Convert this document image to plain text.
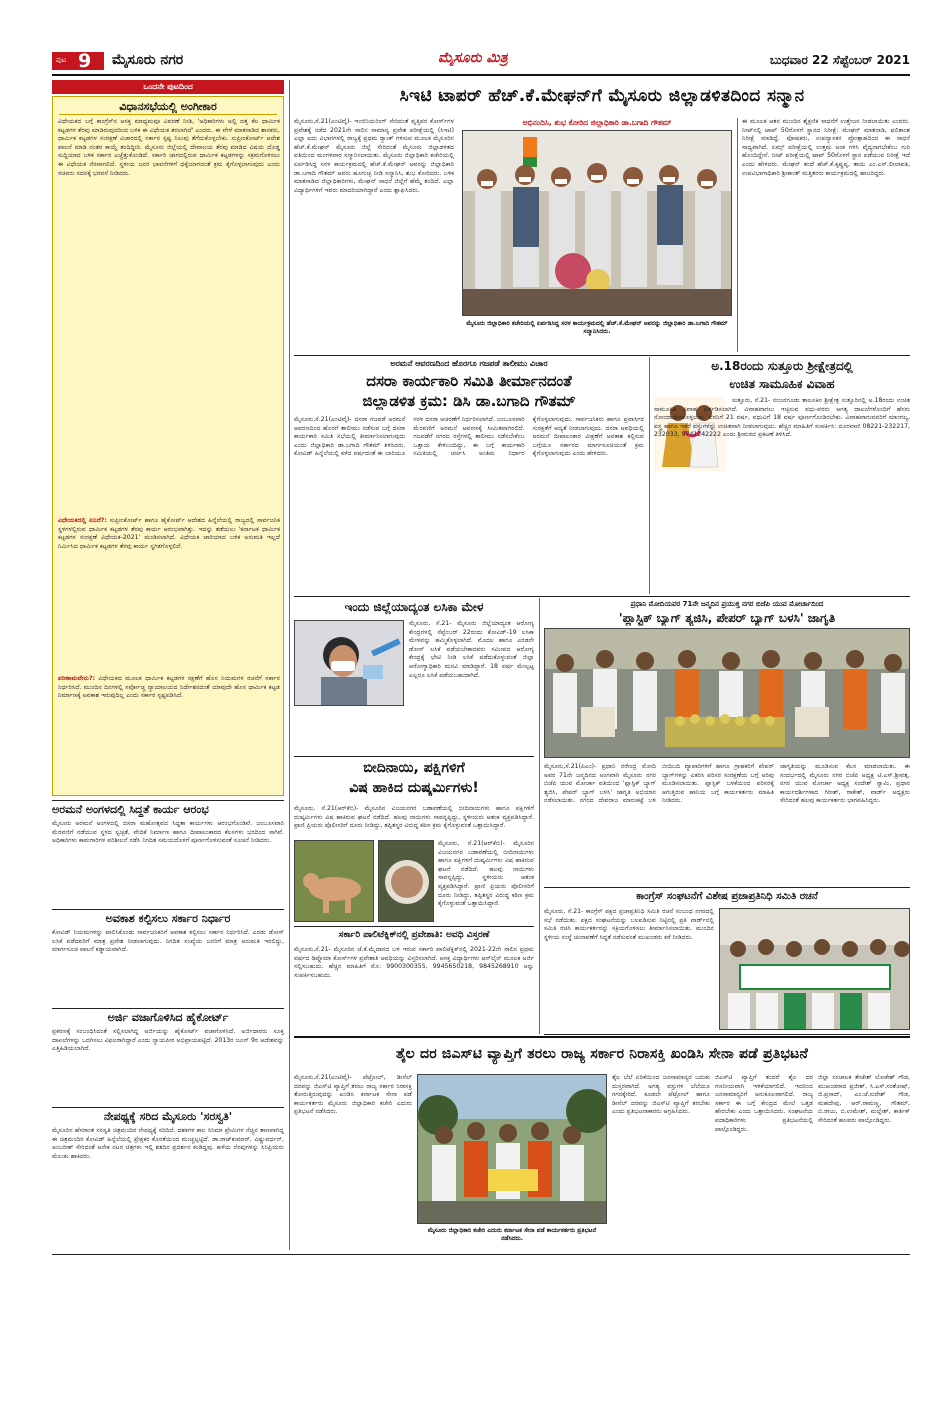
ಪುಟ 9 ಮೈಸೂರು ನಗರ	ಮೈಸೂರು ಮಿತ್ರ	ಬುಧವಾರ 22 ಸೆಪ್ಟೆಂಬರ್ 2021
ಒಂದನೇ ಪುಟದಿಂದ
ವಿಧಾನಸಭೆಯಲ್ಲಿ ಅಂಗೀಕಾರ
ವಿಧೇಯಕದ ಬಗ್ಗೆ ಕಾಂಗ್ರೆಸ್‌ನ ಆಸಕ್ತ ಮಾಧ್ಯಮವೂ ವಿವರಣೆ ನೀಡಿ, 'ಅಧಿಕಾರಿಗಳು ಅಲ್ಲಿ ದತ್ತ ಕೆಲ ಧಾರ್ಮಿಕ ಕಟ್ಟಡಗಳ ತೆರವು ಮಾಡಿರುವುದರಿಂದ ಬಳಿಕ ಈ ವಿಧೇಯಕ ತರಲಾಗಿದೆ' ಎಂದರು. ಈ ವೇಳೆ ಮಾತನಾಡಿದ ಶಾಸಕರು, ಧಾರ್ಮಿಕ ಕಟ್ಟಡಗಳ ಸಂರಕ್ಷಣೆ ವಿಚಾರದಲ್ಲಿ ಸರ್ಕಾರ ಸ್ಪಷ್ಟ ನಿಲುವು ತೆಗೆದುಕೊಳ್ಳಬೇಕು. ಸುಪ್ರೀಂಕೋರ್ಟ್ ಆದೇಶ ಪಾಲನೆ ಮಾಡಿ ನಂತರ ಕಾಯ್ದೆ ತಂದಿದ್ದೀರಿ. ಮೈಸೂರು ಜಿಲ್ಲೆಯಲ್ಲಿ ದೇವಾಲಯ ತೆರವು ಮಾಡಿದ ವಿಷಯ ದೊಡ್ಡ ಸುದ್ದಿಯಾದ ಬಳಿಕ ಸರ್ಕಾರ ಎಚ್ಚೆತ್ತುಕೊಂಡಿದೆ. ಸರ್ಕಾರಿ ಜಾಗದಲ್ಲಿರುವ ಧಾರ್ಮಿಕ ಕಟ್ಟಡಗಳನ್ನು ಸಕ್ರಮಗೊಳಿಸಲು ಈ ವಿಧೇಯಕ ನೆರವಾಗಲಿದೆ. ಸ್ಥಳೀಯ ಜನರ ಭಾವನೆಗಳಿಗೆ ಧಕ್ಕೆಯಾಗದಂತೆ ಕ್ರಮ ಕೈಗೊಳ್ಳಲಾಗುವುದು ಎಂದು ಸಚಿವರು ಸದನಕ್ಕೆ ಭರವಸೆ ನೀಡಿದರು.
ವಿಧೇಯಕದಲ್ಲಿ ಏನಿದೆ?: ಸುಪ್ರೀಂಕೋರ್ಟ್ ಹಾಗೂ ಹೈಕೋರ್ಟ್ ಆದೇಶದ ಹಿನ್ನೆಲೆಯಲ್ಲಿ ರಾಜ್ಯದಲ್ಲಿ ಸಾರ್ವಜನಿಕ ಸ್ಥಳಗಳಲ್ಲಿರುವ ಧಾರ್ಮಿಕ ಕಟ್ಟಡಗಳ ತೆರವು ಕಾರ್ಯ ಆರಂಭವಾಗಿತ್ತು. ಇದನ್ನು ತಡೆಯಲು 'ಕರ್ನಾಟಕ ಧಾರ್ಮಿಕ ಕಟ್ಟಡಗಳ ಸಂರಕ್ಷಣೆ ವಿಧೇಯಕ-2021' ಮಂಡಿಸಲಾಗಿದೆ. ವಿಧೇಯಕ ಜಾರಿಯಾದ ಬಳಿಕ ಅನುಮತಿ ಇಲ್ಲದೆ ನಿರ್ಮಿಸಿದ ಧಾರ್ಮಿಕ ಕಟ್ಟಡಗಳ ತೆರವು ಕಾರ್ಯ ಸ್ಥಗಿತಗೊಳ್ಳಲಿದೆ.
ಪರಿಣಾಮವೇನು?: ವಿಧೇಯಕದ ಮೂಲಕ ಧಾರ್ಮಿಕ ಕಟ್ಟಡಗಳ ರಕ್ಷಣೆಗೆ ಹೊಸ ನಿಯಮಗಳ ರಚನೆಗೆ ಸರ್ಕಾರ ನಿರ್ಧರಿಸಿದೆ. ಮುಂದಿನ ದಿನಗಳಲ್ಲಿ ಸರ್ವೋಚ್ಚ ನ್ಯಾಯಾಲಯದ ನಿರ್ದೇಶನದಂತೆ ಯಾವುದೇ ಹೊಸ ಧಾರ್ಮಿಕ ಕಟ್ಟಡ ನಿರ್ಮಾಣಕ್ಕೆ ಅವಕಾಶ ಇರುವುದಿಲ್ಲ ಎಂದು ಸರ್ಕಾರ ಸ್ಪಷ್ಟಪಡಿಸಿದೆ.
ಅರಮನೆ ಅಂಗಳದಲ್ಲಿ ಸಿದ್ಧತೆ ಕಾರ್ಯ ಆರಂಭ
ಮೈಸೂರು ಅರಮನೆ ಅಂಗಳದಲ್ಲಿ ದಸರಾ ಮಹೋತ್ಸವದ ಸಿದ್ಧತಾ ಕಾರ್ಯಗಳು ಆರಂಭಗೊಂಡಿವೆ. ಜಂಬೂಸವಾರಿ ಮೆರವಣಿಗೆ ನಡೆಯುವ ಸ್ಥಳದ ಸ್ವಚ್ಛತೆ, ವೇದಿಕೆ ನಿರ್ಮಾಣ ಹಾಗೂ ದೀಪಾಲಂಕಾರದ ಕೆಲಸಗಳು ಭರದಿಂದ ಸಾಗಿವೆ. ಅಧಿಕಾರಿಗಳು ಕಾಮಗಾರಿಗಳ ಪರಿಶೀಲನೆ ನಡೆಸಿ ನಿಗದಿತ ಸಮಯದೊಳಗೆ ಪೂರ್ಣಗೊಳಿಸುವಂತೆ ಸೂಚನೆ ನೀಡಿದರು.
ಅವಕಾಶ ಕಲ್ಪಿಸಲು ಸರ್ಕಾರ ನಿರ್ಧಾರ
ಕೋವಿಡ್ ನಿಯಮಗಳನ್ನು ಪಾಲಿಸಿಕೊಂಡು ಸಾರ್ವಜನಿಕರಿಗೆ ಅವಕಾಶ ಕಲ್ಪಿಸಲು ಸರ್ಕಾರ ನಿರ್ಧರಿಸಿದೆ. ಎರಡು ಡೋಸ್ ಲಸಿಕೆ ಪಡೆದವರಿಗೆ ಮಾತ್ರ ಪ್ರವೇಶ ನೀಡಲಾಗುವುದು. ನಿಗದಿತ ಸಂಖ್ಯೆಯ ಜನರಿಗೆ ಮಾತ್ರ ಅನುಮತಿ ಇರಲಿದ್ದು, ಮಾರ್ಗಸೂಚಿ ಪಾಲನೆ ಕಡ್ಡಾಯವಾಗಿದೆ.
ಅರ್ಜಿ ವಜಾಗೊಳಿಸಿದ ಹೈಕೋರ್ಟ್
ಪ್ರಕರಣಕ್ಕೆ ಸಂಬಂಧಿಸಿದಂತೆ ಸಲ್ಲಿಸಲಾಗಿದ್ದ ಅರ್ಜಿಯನ್ನು ಹೈಕೋರ್ಟ್ ವಜಾಗೊಳಿಸಿದೆ. ಅರ್ಜಿದಾರರು ಸೂಕ್ತ ದಾಖಲೆಗಳನ್ನು ಒದಗಿಸಲು ವಿಫಲರಾಗಿದ್ದಾರೆ ಎಂದು ನ್ಯಾಯಪೀಠ ಅಭಿಪ್ರಾಯಪಟ್ಟಿದೆ. 2013ರ ಜೂನ್ 9ರ ಆದೇಶವನ್ನು ಎತ್ತಿಹಿಡಿಯಲಾಗಿದೆ.
ನೇಪಥ್ಯಕ್ಕೆ ಸರಿದ ಮೈಸೂರು 'ಸರಸ್ವತಿ'
ಮೈಸೂರಿನ ಹೆಸರಾಂತ ಸರಸ್ವತಿ ಚಿತ್ರಮಂದಿರ ನೇಪಥ್ಯಕ್ಕೆ ಸರಿದಿದೆ. ದಶಕಗಳ ಕಾಲ ಸಿನಿಮಾ ಪ್ರೇಮಿಗಳ ನೆಚ್ಚಿನ ತಾಣವಾಗಿದ್ದ ಈ ಚಿತ್ರಮಂದಿರ ಕೋವಿಡ್ ಹಿನ್ನೆಲೆಯಲ್ಲಿ ಪ್ರೇಕ್ಷಕರ ಕೊರತೆಯಿಂದ ಮುಚ್ಚಲ್ಪಟ್ಟಿದೆ. ಡಾ.ರಾಜ್‌ಕುಮಾರ್, ವಿಷ್ಣುವರ್ಧನ್, ಅಂಬರೀಶ್ ಸೇರಿದಂತೆ ಅನೇಕ ನಟರ ಚಿತ್ರಗಳು ಇಲ್ಲಿ ಶತದಿನ ಪ್ರದರ್ಶನ ಕಂಡಿದ್ದವು. ಹಳೆಯ ನೆನಪುಗಳನ್ನು ಸಿನಿಪ್ರಿಯರು ಮೆಲುಕು ಹಾಕಿದರು.
ಸಿಇಟಿ ಟಾಪರ್ ಹೆಚ್.ಕೆ.ಮೇಘನ್‌ಗೆ ಮೈಸೂರು ಜಿಲ್ಲಾಡಳಿತದಿಂದ ಸನ್ಮಾನ
ಮೈಸೂರು,ಸೆ.21(ಎಂಟಿವೈ)- ಇಂಜಿನಿಯರಿಂಗ್ ಸೇರಿದಂತೆ ವೃತ್ತಿಪರ ಕೋರ್ಸ್‌ಗಳ ಪ್ರವೇಶಕ್ಕೆ ನಡೆದ 2021ನೇ ಸಾಲಿನ ಸಾಮಾನ್ಯ ಪ್ರವೇಶ ಪರೀಕ್ಷೆಯಲ್ಲಿ (ಸಿಇಟಿ) ಎಲ್ಲಾ ಐದು ವಿಭಾಗಗಳಲ್ಲಿ ರಾಜ್ಯಕ್ಕೆ ಪ್ರಥಮ ರ‍್ಯಾಂಕ್ ಗಳಿಸುವ ಮೂಲಕ ಮೈಸೂರಿನ ಹೆಚ್.ಕೆ.ಮೇಘನ್ ಮೈಸೂರು ಜಿಲ್ಲೆ ಸೇರಿದಂತೆ ಮೈಸೂರು ಜಿಲ್ಲಾಡಳಿತದ ವತಿಯಿಂದ ಮಂಗಳವಾರ ಸನ್ಮಾನಿಸಲಾಯಿತು. ಮೈಸೂರು ಜಿಲ್ಲಾಧಿಕಾರಿ ಕಚೇರಿಯಲ್ಲಿ ಏರ್ಪಡಿಸಿದ್ದ ಸರಳ ಕಾರ್ಯಕ್ರಮದಲ್ಲಿ ಹೆಚ್.ಕೆ.ಮೇಘನ್ ಅವರನ್ನು ಜಿಲ್ಲಾಧಿಕಾರಿ ಡಾ.ಬಗಾದಿ ಗೌತಮ್ ಅವರು ಹೂಗುಚ್ಛ ನೀಡಿ ಸನ್ಮಾನಿಸಿ, ಶುಭ ಕೋರಿದರು. ಬಳಿಕ ಮಾತನಾಡಿದ ಜಿಲ್ಲಾಧಿಕಾರಿಗಳು, ಮೇಘನ್ ಸಾಧನೆ ಜಿಲ್ಲೆಗೆ ಹೆಮ್ಮೆ ತಂದಿದೆ. ಎಲ್ಲಾ ವಿದ್ಯಾರ್ಥಿಗಳಿಗೆ ಇವರು ಮಾದರಿಯಾಗಿದ್ದಾರೆ ಎಂದು ಶ್ಲಾಘಿಸಿದರು.
ಅಭಿನಂದಿಸಿ, ಶುಭ ಕೋರಿದ ಜಿಲ್ಲಾಧಿಕಾರಿ ಡಾ.ಬಗಾದಿ ಗೌತಮ್
ಮೈಸೂರು ಜಿಲ್ಲಾಧಿಕಾರಿ ಕಚೇರಿಯಲ್ಲಿ ಏರ್ಪಡಿಸಿದ್ದ ಸರಳ ಕಾರ್ಯಕ್ರಮದಲ್ಲಿ ಹೆಚ್.ಕೆ.ಮೇಘನ್ ಅವರನ್ನು ಜಿಲ್ಲಾಧಿಕಾರಿ ಡಾ.ಬಗಾದಿ ಗೌತಮ್ ಸನ್ಮಾನಿಸಿದರು.
ಈ ಮೂಲಕ ಆತನ ಮುಂದಿನ ಶೈಕ್ಷಣಿಕ ಸಾಧನೆಗೆ ಉತ್ತೇಜನ ನೀಡಲಾಯಿತು ಎಂದರು. ನೀಟ್‌ನಲ್ಲಿ ಟಾಪ್ 50ರೊಳಗೆ ಸ್ಥಾನದ ನಿರೀಕ್ಷೆ: ಮೇಘನ್ ಮಾತನಾಡಿ, ಫಲಿತಾಂಶ ನಿರೀಕ್ಷೆ ಮಾಡಿದ್ದೆ. ಪೋಷಕರು, ಉಪನ್ಯಾಸಕರ ಪ್ರೋತ್ಸಾಹದಿಂದ ಈ ಸಾಧನೆ ಸಾಧ್ಯವಾಗಿದೆ. ಏಮ್ಸ್ ಪರೀಕ್ಷೆಯಲ್ಲಿ ಉತ್ತಮ ಅಂಕ ಗಳಿಸಿ ವೈದ್ಯನಾಗಬೇಕೆಂಬ ಗುರಿ ಹೊಂದಿದ್ದೇನೆ. ನೀಟ್ ಪರೀಕ್ಷೆಯಲ್ಲಿ ಟಾಪ್ 50ರೊಳಗೆ ಸ್ಥಾನ ಪಡೆಯುವ ನಿರೀಕ್ಷೆ ಇದೆ ಎಂದು ಹೇಳಿದರು. ಮೇಘನ್ ತಂದೆ ಹೆಚ್.ಕೆ.ಕೃಷ್ಣಪ್ಪ, ತಾಯಿ ಎಂ.ಎಸ್.ಲೀಲಾವತಿ, ಉಪವಿಭಾಗಾಧಿಕಾರಿ ಶ್ರೀಕಾಂತ್ ಮತ್ತಿತರರು ಕಾರ್ಯಕ್ರಮದಲ್ಲಿ ಹಾಜರಿದ್ದರು.
ಅರಮನೆ ಆವರಣದಿಂದ ಹೊರಗೂ ಗಜಪಡೆ ತಾಲೀಮು ವಿಚಾರ
ದಸರಾ ಕಾರ್ಯಕಾರಿ ಸಮಿತಿ ತೀರ್ಮಾನದಂತೆ
ಜಿಲ್ಲಾಡಳಿತ ಕ್ರಮ: ಡಿಸಿ ಡಾ.ಬಗಾದಿ ಗೌತಮ್
ಮೈಸೂರು,ಸೆ.21(ಎಂಟಿವೈ)- ದಸರಾ ಗಜಪಡೆ ಅರಮನೆ ಆವರಣದಿಂದ ಹೊರಗೆ ತಾಲೀಮು ನಡೆಸುವ ಬಗ್ಗೆ ದಸರಾ ಕಾರ್ಯಕಾರಿ ಸಮಿತಿ ಸಭೆಯಲ್ಲಿ ತೀರ್ಮಾನಿಸಲಾಗುವುದು ಎಂದು ಜಿಲ್ಲಾಧಿಕಾರಿ ಡಾ.ಬಗಾದಿ ಗೌತಮ್ ತಿಳಿಸಿದರು. ಕೋವಿಡ್ ಹಿನ್ನೆಲೆಯಲ್ಲಿ ಕಳೆದ ವರ್ಷದಂತೆ ಈ ಬಾರಿಯೂ ಸರಳ ದಸರಾ ಆಚರಣೆಗೆ ನಿರ್ಧರಿಸಲಾಗಿದೆ. ಜಂಬೂಸವಾರಿ ಮೆರವಣಿಗೆ ಅರಮನೆ ಆವರಣಕ್ಕೆ ಸೀಮಿತವಾಗಿರಲಿದೆ. ಗಜಪಡೆಗೆ ನಗರದ ರಸ್ತೆಗಳಲ್ಲಿ ತಾಲೀಮು ನಡೆಸಬೇಕೆಂಬ ಒತ್ತಾಯ ಕೇಳಿಬಂದಿದ್ದು, ಈ ಬಗ್ಗೆ ಕಾರ್ಯಕಾರಿ ಸಮಿತಿಯಲ್ಲಿ ಚರ್ಚಿಸಿ ಅಂತಿಮ ನಿರ್ಧಾರ ಕೈಗೊಳ್ಳಲಾಗುವುದು. ಸಾರ್ವಜನಿಕರು ಹಾಗೂ ಪ್ರವಾಸಿಗರ ಸುರಕ್ಷತೆಗೆ ಆದ್ಯತೆ ನೀಡಲಾಗುವುದು. ದಸರಾ ಅವಧಿಯಲ್ಲಿ ಅರಮನೆ ದೀಪಾಲಂಕಾರ ವೀಕ್ಷಣೆಗೆ ಅವಕಾಶ ಕಲ್ಪಿಸುವ ಬಗ್ಗೆಯೂ ಸರ್ಕಾರದ ಮಾರ್ಗಸೂಚಿಯಂತೆ ಕ್ರಮ ಕೈಗೊಳ್ಳಲಾಗುವುದು ಎಂದು ಹೇಳಿದರು.
ಅ.18ರಂದು ಸುತ್ತೂರು ಶ್ರೀಕ್ಷೇತ್ರದಲ್ಲಿ
ಉಚಿತ ಸಾಮೂಹಿಕ ವಿವಾಹ
ಸುತ್ತೂರು, ಸೆ.21- ನಂಜನಗೂಡು ತಾಲೂಕಿನ ಶ್ರೀಕ್ಷೇತ್ರ ಸುತ್ತೂರಿನಲ್ಲಿ ಅ.18ರಂದು ಉಚಿತ ಸಾಮೂಹಿಕ ವಿವಾಹ ಏರ್ಪಡಿಸಲಾಗಿದೆ. ವಿವಾಹವಾಗಲು ಇಚ್ಛಿಸುವ ವಧು-ವರರು ಅಗತ್ಯ ದಾಖಲೆಗಳೊಂದಿಗೆ ಹೆಸರು ನೋಂದಾಯಿಸಿಕೊಳ್ಳಬೇಕು. ವರನಿಗೆ 21 ವರ್ಷ, ವಧುವಿಗೆ 18 ವರ್ಷ ಪೂರ್ಣಗೊಂಡಿರಬೇಕು. ವಿವಾಹವಾಗುವವರಿಗೆ ಮಾಂಗಲ್ಯ, ವಸ್ತ್ರ ಹಾಗೂ ಇತರೆ ವಸ್ತುಗಳನ್ನು ಉಚಿತವಾಗಿ ನೀಡಲಾಗುವುದು. ಹೆಚ್ಚಿನ ಮಾಹಿತಿಗೆ ಸಂಪರ್ಕಿಸಿ: ದೂರವಾಣಿ 08221-232217, 232033, 9741242222 ಎಂದು ಶ್ರೀಮಠದ ಪ್ರಕಟಣೆ ತಿಳಿಸಿದೆ.
ಇಂದು ಜಿಲ್ಲೆಯಾದ್ಯಂತ ಲಸಿಕಾ ಮೇಳ
ಮೈಸೂರು, ಸೆ.21- ಮೈಸೂರು ಜಿಲ್ಲೆಯಾದ್ಯಂತ ಆರೋಗ್ಯ ಕೇಂದ್ರಗಳಲ್ಲಿ ಸೆಪ್ಟೆಂಬರ್ 22ರಂದು ಕೋವಿಡ್-19 ಲಸಿಕಾ ಮೇಳವನ್ನು ಹಮ್ಮಿಕೊಳ್ಳಲಾಗಿದೆ. ಮೊದಲ ಹಾಗೂ ಎರಡನೇ ಡೋಸ್ ಲಸಿಕೆ ಪಡೆಯಬೇಕಾದವರು ಸಮೀಪದ ಆರೋಗ್ಯ ಕೇಂದ್ರಕ್ಕೆ ಭೇಟಿ ನೀಡಿ ಲಸಿಕೆ ಪಡೆದುಕೊಳ್ಳುವಂತೆ ಜಿಲ್ಲಾ ಆರೋಗ್ಯಾಧಿಕಾರಿ ಮನವಿ ಮಾಡಿದ್ದಾರೆ. 18 ವರ್ಷ ಮೇಲ್ಪಟ್ಟ ಎಲ್ಲರೂ ಲಸಿಕೆ ಪಡೆಯಬಹುದಾಗಿದೆ.
ಬೀದಿನಾಯಿ, ಪಕ್ಷಿಗಳಿಗೆ
ವಿಷ ಹಾಕಿದ ದುಷ್ಕರ್ಮಿಗಳು!
ಮೈಸೂರು, ಸೆ.21(ಆರ್‌ಕೆಬಿ)- ಮೈಸೂರಿನ ವಿಜಯನಗರ ಬಡಾವಣೆಯಲ್ಲಿ ಬೀದಿನಾಯಿಗಳು ಹಾಗೂ ಪಕ್ಷಿಗಳಿಗೆ ದುಷ್ಕರ್ಮಿಗಳು ವಿಷ ಹಾಕಿರುವ ಘಟನೆ ನಡೆದಿದೆ. ಹಲವು ನಾಯಿಗಳು ಸಾವನ್ನಪ್ಪಿದ್ದು, ಸ್ಥಳೀಯರು ಆತಂಕ ವ್ಯಕ್ತಪಡಿಸಿದ್ದಾರೆ. ಪ್ರಾಣಿ ಪ್ರಿಯರು ಪೊಲೀಸರಿಗೆ ದೂರು ನೀಡಿದ್ದು, ತಪ್ಪಿತಸ್ಥರ ವಿರುದ್ಧ ಕಠಿಣ ಕ್ರಮ ಕೈಗೊಳ್ಳುವಂತೆ ಒತ್ತಾಯಿಸಿದ್ದಾರೆ.
ಮೈಸೂರು, ಸೆ.21(ಆರ್‌ಕೆಬಿ)- ಮೈಸೂರಿನ ವಿಜಯನಗರ ಬಡಾವಣೆಯಲ್ಲಿ ಬೀದಿನಾಯಿಗಳು ಹಾಗೂ ಪಕ್ಷಿಗಳಿಗೆ ದುಷ್ಕರ್ಮಿಗಳು ವಿಷ ಹಾಕಿರುವ ಘಟನೆ ನಡೆದಿದೆ. ಹಲವು ನಾಯಿಗಳು ಸಾವನ್ನಪ್ಪಿದ್ದು, ಸ್ಥಳೀಯರು ಆತಂಕ ವ್ಯಕ್ತಪಡಿಸಿದ್ದಾರೆ. ಪ್ರಾಣಿ ಪ್ರಿಯರು ಪೊಲೀಸರಿಗೆ ದೂರು ನೀಡಿದ್ದು, ತಪ್ಪಿತಸ್ಥರ ವಿರುದ್ಧ ಕಠಿಣ ಕ್ರಮ ಕೈಗೊಳ್ಳುವಂತೆ ಒತ್ತಾಯಿಸಿದ್ದಾರೆ.
ಸರ್ಕಾರಿ ಪಾಲಿಟೆಕ್ನಿಕ್‌ನಲ್ಲಿ ಪ್ರವೇಶಾತಿ: ಅವಧಿ ವಿಸ್ತರಣೆ
ಮೈಸೂರು,ಸೆ.21- ಮೈಸೂರಿನ ಜೆ.ಕೆ.ಮೈದಾನದ ಬಳಿ ಇರುವ ಸರ್ಕಾರಿ ಪಾಲಿಟೆಕ್ನಿಕ್‌ನಲ್ಲಿ 2021-22ನೇ ಸಾಲಿನ ಪ್ರಥಮ ವರ್ಷದ ಡಿಪ್ಲೊಮಾ ಕೋರ್ಸ್‌ಗಳ ಪ್ರವೇಶಾತಿ ಅವಧಿಯನ್ನು ವಿಸ್ತರಿಸಲಾಗಿದೆ. ಆಸಕ್ತ ವಿದ್ಯಾರ್ಥಿಗಳು ಆನ್‌ಲೈನ್ ಮೂಲಕ ಅರ್ಜಿ ಸಲ್ಲಿಸಬಹುದು. ಹೆಚ್ಚಿನ ಮಾಹಿತಿಗೆ ಮೊ: 9900300355, 9945650218, 9845268910 ಅನ್ನು ಸಂಪರ್ಕಿಸಬಹುದು.
ಪ್ರಧಾನಿ ಮೋದಿಯವರ 71ನೇ ಜನ್ಮದಿನ ಪ್ರಯುಕ್ತ ನಗರ ಬಿಜೆಪಿ ಯುವ ಮೋರ್ಚಾದಿಂದ
'ಪ್ಲಾಸ್ಟಿಕ್ ಬ್ಯಾಗ್ ತ್ಯಜಿಸಿ, ಪೇಪರ್ ಬ್ಯಾಗ್ ಬಳಸಿ' ಜಾಗೃತಿ
ಮೈಸೂರು,ಸೆ.21(ಪಿಎಂ)- ಪ್ರಧಾನಿ ನರೇಂದ್ರ ಮೋದಿ ಅವರ 71ನೇ ಜನ್ಮದಿನದ ಅಂಗವಾಗಿ ಮೈಸೂರು ನಗರ ಬಿಜೆಪಿ ಯುವ ಮೋರ್ಚಾ ವತಿಯಿಂದ 'ಪ್ಲಾಸ್ಟಿಕ್ ಬ್ಯಾಗ್ ತ್ಯಜಿಸಿ, ಪೇಪರ್ ಬ್ಯಾಗ್ ಬಳಸಿ' ಜಾಗೃತಿ ಅಭಿಯಾನ ನಡೆಸಲಾಯಿತು. ನಗರದ ದೇವರಾಜ ಮಾರುಕಟ್ಟೆ ಬಳಿ ಬೀದಿಬದಿ ವ್ಯಾಪಾರಿಗಳಿಗೆ ಹಾಗೂ ಗ್ರಾಹಕರಿಗೆ ಪೇಪರ್ ಬ್ಯಾಗ್‌ಗಳನ್ನು ವಿತರಿಸಿ ಪರಿಸರ ಸಂರಕ್ಷಣೆಯ ಬಗ್ಗೆ ಅರಿವು ಮೂಡಿಸಲಾಯಿತು. ಪ್ಲಾಸ್ಟಿಕ್ ಬಳಕೆಯಿಂದ ಪರಿಸರಕ್ಕೆ ಆಗುತ್ತಿರುವ ಹಾನಿಯ ಬಗ್ಗೆ ಕಾರ್ಯಕರ್ತರು ಮಾಹಿತಿ ನೀಡಿದರು.
ಜಾಗೃತಿಯನ್ನು ಮೂಡಿಸುವ ಕೆಲಸ ಮಾಡಲಾಯಿತು. ಈ ಸಂದರ್ಭದಲ್ಲಿ ಮೈಸೂರು ನಗರ ಬಿಜೆಪಿ ಅಧ್ಯಕ್ಷ ಟಿ.ಎಸ್.ಶ್ರೀವತ್ಸ, ನಗರ ಯುವ ಮೋರ್ಚಾ ಅಧ್ಯಕ್ಷ ಸಂದೇಶ್ ಸ್ವಾಮಿ, ಪ್ರಧಾನ ಕಾರ್ಯದರ್ಶಿಗಳಾದ ಗಿರೀಶ್, ರಾಕೇಶ್, ವಾರ್ಡ್ ಅಧ್ಯಕ್ಷರು ಸೇರಿದಂತೆ ಹಲವು ಕಾರ್ಯಕರ್ತರು ಭಾಗವಹಿಸಿದ್ದರು.
ಕಾಂಗ್ರೆಸ್ ಸಂಘಟನೆಗೆ ವಿಶೇಷ ಪ್ರಜಾಪ್ರತಿನಿಧಿ ಸಮಿತಿ ರಚನೆ
ಮೈಸೂರು, ಸೆ.21- ಕಾಂಗ್ರೆಸ್ ಪಕ್ಷದ ಪ್ರಜಾಪ್ರತಿನಿಧಿ ಸಮಿತಿ ರಚನೆ ಸಂಬಂಧ ನಗರದಲ್ಲಿ ಸಭೆ ನಡೆಯಿತು. ಪಕ್ಷದ ಸಂಘಟನೆಯನ್ನು ಬಲಪಡಿಸುವ ನಿಟ್ಟಿನಲ್ಲಿ ಪ್ರತಿ ವಾರ್ಡ್‌ನಲ್ಲಿ ಸಮಿತಿ ರಚಿಸಿ ಕಾರ್ಯಕರ್ತರನ್ನು ಸಕ್ರಿಯಗೊಳಿಸಲು ತೀರ್ಮಾನಿಸಲಾಯಿತು. ಮುಂದಿನ ಸ್ಥಳೀಯ ಸಂಸ್ಥೆ ಚುನಾವಣೆಗೆ ಸಿದ್ಧತೆ ನಡೆಸುವಂತೆ ಮುಖಂಡರು ಕರೆ ನೀಡಿದರು.
ತೈಲ ದರ ಜಿಎಸ್‌ಟಿ ವ್ಯಾಪ್ತಿಗೆ ತರಲು ರಾಜ್ಯ ಸರ್ಕಾರ ನಿರಾಸಕ್ತಿ ಖಂಡಿಸಿ ಸೇನಾ ಪಡೆ ಪ್ರತಿಭಟನೆ
ಮೈಸೂರು,ಸೆ.21(ಎಂಟಿವೈ)- ಪೆಟ್ರೋಲ್, ಡೀಸೆಲ್ ದರವನ್ನು ಜಿಎಸ್‌ಟಿ ವ್ಯಾಪ್ತಿಗೆ ತರಲು ರಾಜ್ಯ ಸರ್ಕಾರ ನಿರಾಸಕ್ತಿ ತೋರುತ್ತಿರುವುದನ್ನು ಖಂಡಿಸಿ ಕರ್ನಾಟಕ ಸೇನಾ ಪಡೆ ಕಾರ್ಯಕರ್ತರು ಮೈಸೂರು ಜಿಲ್ಲಾಧಿಕಾರಿ ಕಚೇರಿ ಎದುರು ಪ್ರತಿಭಟನೆ ನಡೆಸಿದರು.
ಮೈಸೂರು ಜಿಲ್ಲಾಧಿಕಾರಿ ಕಚೇರಿ ಎದುರು ಕರ್ನಾಟಕ ಸೇನಾ ಪಡೆ ಕಾರ್ಯಕರ್ತರು ಪ್ರತಿಭಟನೆ ನಡೆಸಿದರು.
ತೈಲ ಬೆಲೆ ಏರಿಕೆಯಿಂದ ಜನಸಾಮಾನ್ಯರ ಬದುಕು ದುಸ್ತರವಾಗಿದೆ. ಅಗತ್ಯ ವಸ್ತುಗಳ ಬೆಲೆಯೂ ಗಗನಕ್ಕೇರಿದೆ. ಕೂಡಲೇ ಪೆಟ್ರೋಲ್ ಹಾಗೂ ಡೀಸೆಲ್ ದರವನ್ನು ಜಿಎಸ್‌ಟಿ ವ್ಯಾಪ್ತಿಗೆ ತರಬೇಕು ಎಂದು ಪ್ರತಿಭಟನಾಕಾರರು ಆಗ್ರಹಿಸಿದರು.
ಜಿಎಸ್‌ಟಿ ವ್ಯಾಪ್ತಿಗೆ ತಂದರೆ ತೈಲ ದರ ಗಣನೀಯವಾಗಿ ಇಳಿಕೆಯಾಗಲಿದೆ. ಇದರಿಂದ ಜನಸಾಮಾನ್ಯರಿಗೆ ಅನುಕೂಲವಾಗಲಿದೆ. ರಾಜ್ಯ ಸರ್ಕಾರ ಈ ಬಗ್ಗೆ ಕೇಂದ್ರದ ಮೇಲೆ ಒತ್ತಡ ಹೇರಬೇಕು ಎಂದು ಒತ್ತಾಯಿಸಿದರು. ಸಂಘಟನೆಯ ಪದಾಧಿಕಾರಿಗಳು ಪ್ರತಿಭಟನೆಯಲ್ಲಿ ಪಾಲ್ಗೊಂಡಿದ್ದರು.
ಜಿಲ್ಲಾ ಸಂಚಾಲಕ ತೇಜೇಶ್ ಲೋಕೇಶ್ ಗೌಡ, ಮುಖಂಡರಾದ ಪ್ರಜೀಶ್, ಸಿ.ಎಸ್.ಸಂತೋಷ್, ಜಿ.ಪ್ರಸಾದ್, ಎಂ.ಜೆ.ಸುರೇಶ್ ಗೌಡ, ಮಹದೇವು, ಆರ್.ರಾಮಣ್ಣ, ಗೌತಮ್, ಬಿ.ರಾಜು, ಬಿ.ಉಮೇಶ್, ಮಲ್ಲೇಶ್, ಕಾರ್ತಿಕ್ ಸೇರಿದಂತೆ ಹಲವರು ಪಾಲ್ಗೊಂಡಿದ್ದರು.
